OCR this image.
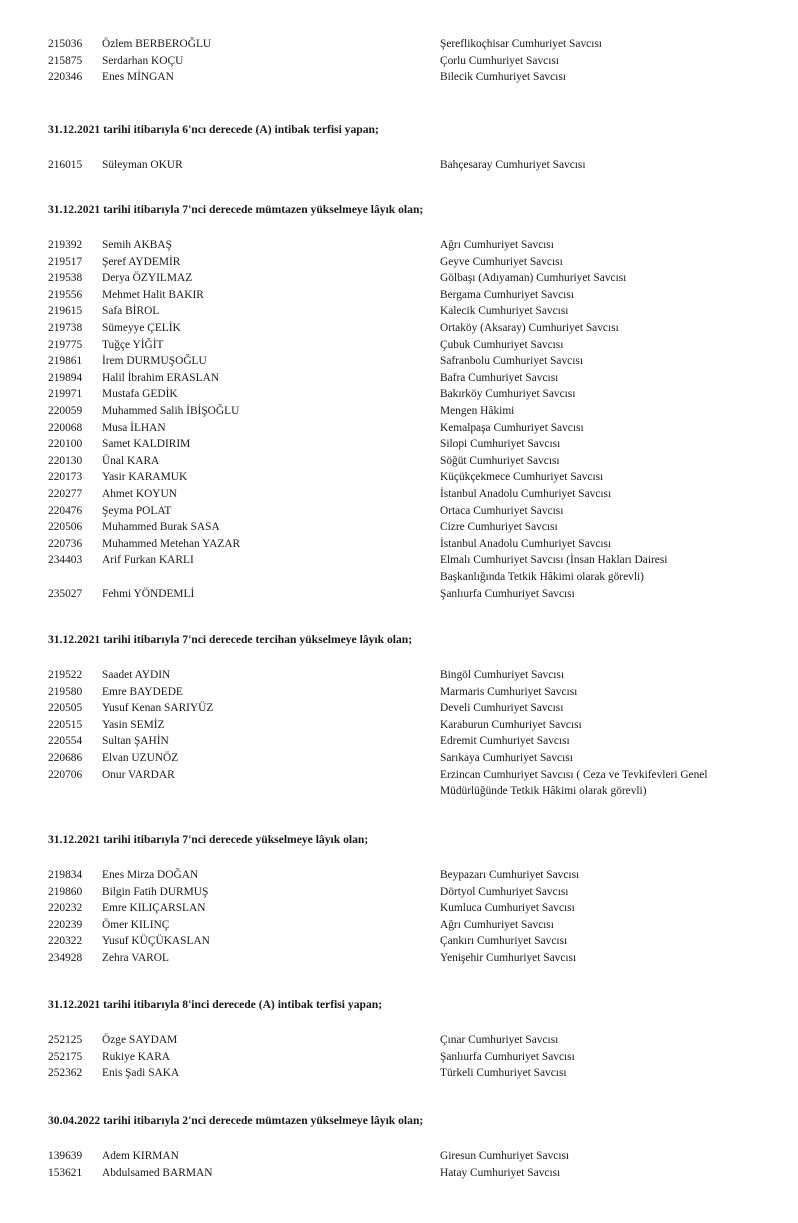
215036 Özlem BERBEROĞLU	Şereflikoçhisar Cumhuriyet Savcısı
215875 Serdarhan KOÇU	Çorlu Cumhuriyet Savcısı
220346 Enes MİNGAN	Bilecik Cumhuriyet Savcısı
31.12.2021 tarihi itibarıyla 6'ncı derecede (A) intibak terfisi yapan;
216015 Süleyman OKUR	Bahçesaray Cumhuriyet Savcısı
31.12.2021 tarihi itibarıyla 7'nci derecede mümtazen yükselmeye lâyık olan;
219392 Semih AKBAŞ	Ağrı Cumhuriyet Savcısı
219517 Şeref AYDEMİR	Geyve Cumhuriyet Savcısı
219538 Derya ÖZYILMAZ	Gölbaşı (Adıyaman) Cumhuriyet Savcısı
219556 Mehmet Halit BAKIR	Bergama Cumhuriyet Savcısı
219615 Safa BİROL	Kalecik Cumhuriyet Savcısı
219738 Sümeyye ÇELİK	Ortaköy (Aksaray) Cumhuriyet Savcısı
219775 Tuğçe YİĞİT	Çubuk Cumhuriyet Savcısı
219861 İrem DURMUŞOĞLU	Safranbolu Cumhuriyet Savcısı
219894 Halil İbrahim ERASLAN	Bafra Cumhuriyet Savcısı
219971 Mustafa GEDİK	Bakırköy Cumhuriyet Savcısı
220059 Muhammed Salih İBİŞOĞLU	Mengen Hâkimi
220068 Musa İLHAN	Kemalpaşa Cumhuriyet Savcısı
220100 Samet KALDIRIM	Silopi Cumhuriyet Savcısı
220130 Ünal KARA	Söğüt Cumhuriyet Savcısı
220173 Yasir KARAMUK	Küçükçekmece Cumhuriyet Savcısı
220277 Ahmet KOYUN	İstanbul Anadolu Cumhuriyet Savcısı
220476 Şeyma POLAT	Ortaca Cumhuriyet Savcısı
220506 Muhammed Burak SASA	Cizre Cumhuriyet Savcısı
220736 Muhammed Metehan YAZAR	İstanbul Anadolu Cumhuriyet Savcısı
234403 Arif Furkan KARLI	Elmalı Cumhuriyet Savcısı (İnsan Hakları Dairesi
Başkanlığında Tetkik Hâkimi olarak görevli)
235027 Fehmi YÖNDEMLİ	Şanlıurfa Cumhuriyet Savcısı
31.12.2021 tarihi itibarıyla 7'nci derecede tercihan yükselmeye lâyık olan;
219522 Saadet AYDIN	Bingöl Cumhuriyet Savcısı
219580 Emre BAYDEDE	Marmaris Cumhuriyet Savcısı
220505 Yusuf Kenan SARIYÜZ	Develi Cumhuriyet Savcısı
220515 Yasin SEMİZ	Karaburun Cumhuriyet Savcısı
220554 Sultan ŞAHİN	Edremit Cumhuriyet Savcısı
220686 Elvan UZUNÖZ	Sarıkaya Cumhuriyet Savcısı
220706 Onur VARDAR	Erzincan Cumhuriyet Savcısı ( Ceza ve Tevkifevleri Genel
Müdürlüğünde Tetkik Hâkimi olarak görevli)
31.12.2021 tarihi itibarıyla 7'nci derecede yükselmeye lâyık olan;
219834 Enes Mirza DOĞAN	Beypazarı Cumhuriyet Savcısı
219860 Bilgin Fatih DURMUŞ	Dörtyol Cumhuriyet Savcısı
220232 Emre KILIÇARSLAN	Kumluca Cumhuriyet Savcısı
220239 Ömer KILINÇ	Ağrı Cumhuriyet Savcısı
220322 Yusuf KÜÇÜKASLAN	Çankırı Cumhuriyet Savcısı
234928 Zehra VAROL	Yenişehir Cumhuriyet Savcısı
31.12.2021 tarihi itibarıyla 8'inci derecede (A) intibak terfisi yapan;
252125 Özge SAYDAM	Çınar Cumhuriyet Savcısı
252175 Rukiye KARA	Şanlıurfa Cumhuriyet Savcısı
252362 Enis Şadi SAKA	Türkeli Cumhuriyet Savcısı
30.04.2022 tarihi itibarıyla 2'nci derecede mümtazen yükselmeye lâyık olan;
139639 Adem KIRMAN	Giresun Cumhuriyet Savcısı
153621 Abdulsamed BARMAN	Hatay Cumhuriyet Savcısı
